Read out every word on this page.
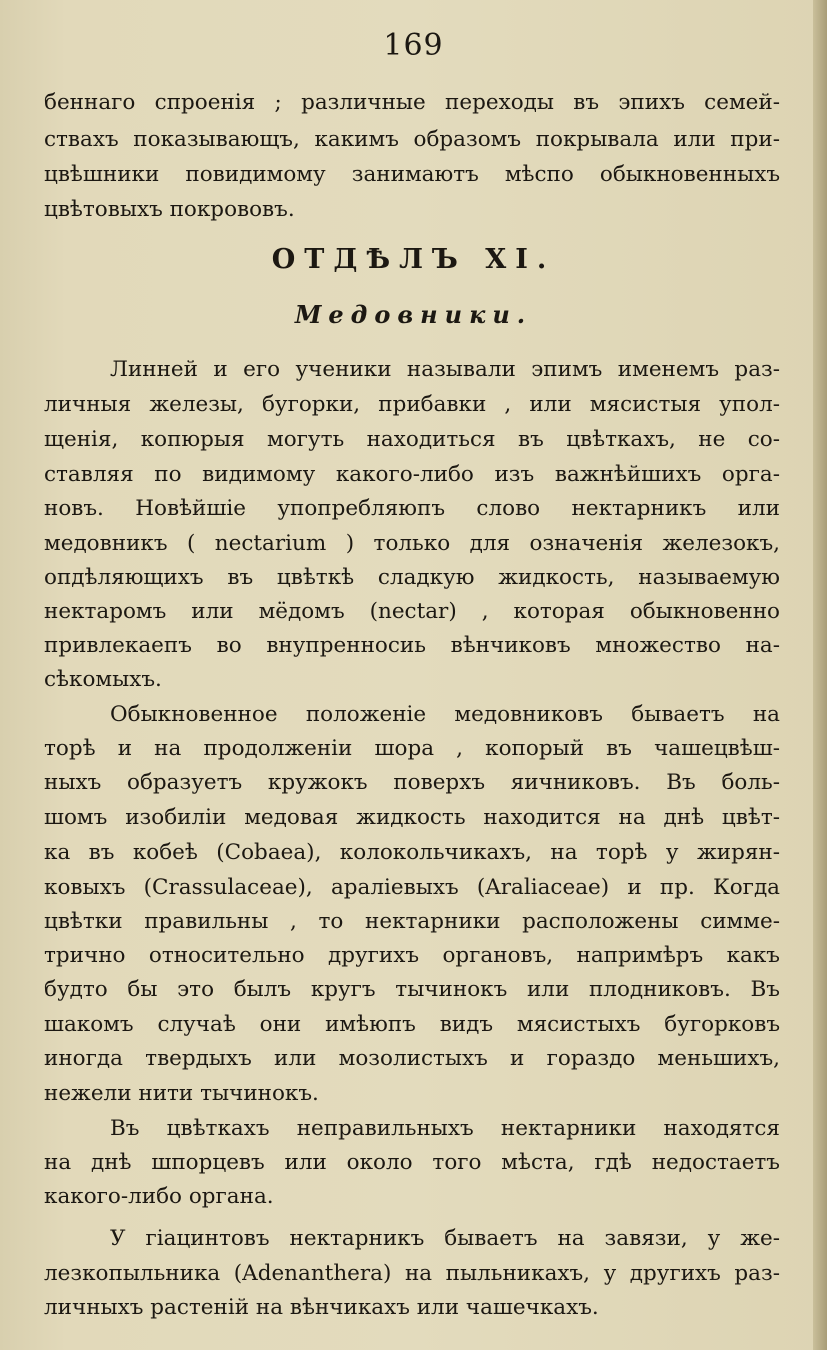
169
беннаго спроенія ; различные переходы въ эпихъ семей-
ствахъ показывающъ, какимъ образомъ покрывала или при-
цвѣшники повидимому занимаютъ мѣспо обыкновенныхъ
цвѣтовыхъ покрововъ.
ОТДѢЛЪ XI.
Медовники.
Линней и его ученики называли эпимъ именемъ раз-
личныя железы, бугорки, прибавки , или мясистыя упол-
щенія, копюрыя могуть находиться въ цвѣткахъ, не со-
ставляя по видимому какого-либо изъ важнѣйшихъ орга-
новъ. Новѣйшіе упопребляюпъ слово нектарникъ или
медовникъ ( nectarium ) только для означенія железокъ,
опдѣляющихъ въ цвѣткѣ сладкую жидкость, называемую
нектаромъ или мёдомъ (nectar) , которая обыкновенно
привлекаепъ во внупренносиь вѣнчиковъ множество на-
сѣкомыхъ.
Обыкновенное положеніе медовниковъ бываетъ на
торѣ и на продолженіи шора , копорый въ чашецвѣш-
ныхъ образуетъ кружокъ поверхъ яичниковъ. Въ боль-
шомъ изобиліи медовая жидкость находится на днѣ цвѣт-
ка въ кобеѣ (Cobaea), колокольчикахъ, на торѣ у жирян-
ковыхъ (Crassulaceae), араліевыхъ (Araliaceae) и пр. Когда
цвѣтки правильны , то нектарники расположены симме-
трично относительно другихъ органовъ, напримѣръ какъ
будто бы это былъ кругъ тычинокъ или плодниковъ. Въ
шакомъ случаѣ они имѣюпъ видъ мясистыхъ бугорковъ
иногда твердыхъ или мозолистыхъ и гораздо меньшихъ,
нежели нити тычинокъ.
Въ цвѣткахъ неправильныхъ нектарники находятся
на днѣ шпорцевъ или около того мѣста, гдѣ недостаетъ
какого-либо органа.
У гіацинтовъ нектарникъ бываетъ на завязи, у же-
лезкопыльника (Adenanthera) на пыльникахъ, у другихъ раз-
личныхъ растеній на вѣнчикахъ или чашечкахъ.
